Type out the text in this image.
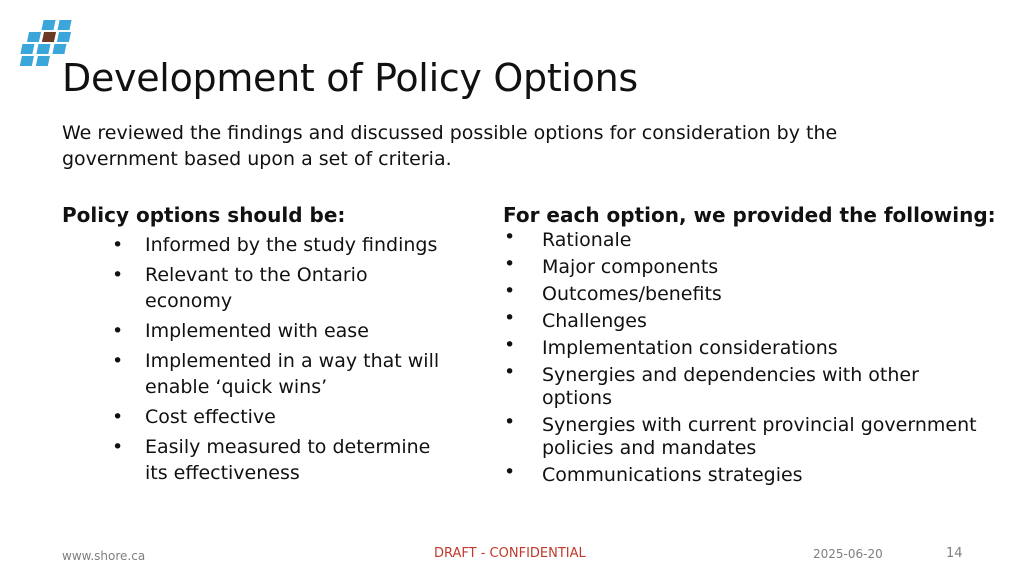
Development of Policy Options

We reviewed the findings and discussed possible options for consideration by the government based upon a set of criteria.

Policy options should be:
• Informed by the study findings
• Relevant to the Ontario economy
• Implemented with ease
• Implemented in a way that will enable ‘quick wins’
• Cost effective
• Easily measured to determine its effectiveness
For each option, we provided the following:
• Rationale
• Major components
• Outcomes/benefits
• Challenges
• Implementation considerations
• Synergies and dependencies with other options
• Synergies with current provincial government policies and mandates
• Communications strategies
www.shore.ca	DRAFT - CONFIDENTIAL	2025-06-20	14
